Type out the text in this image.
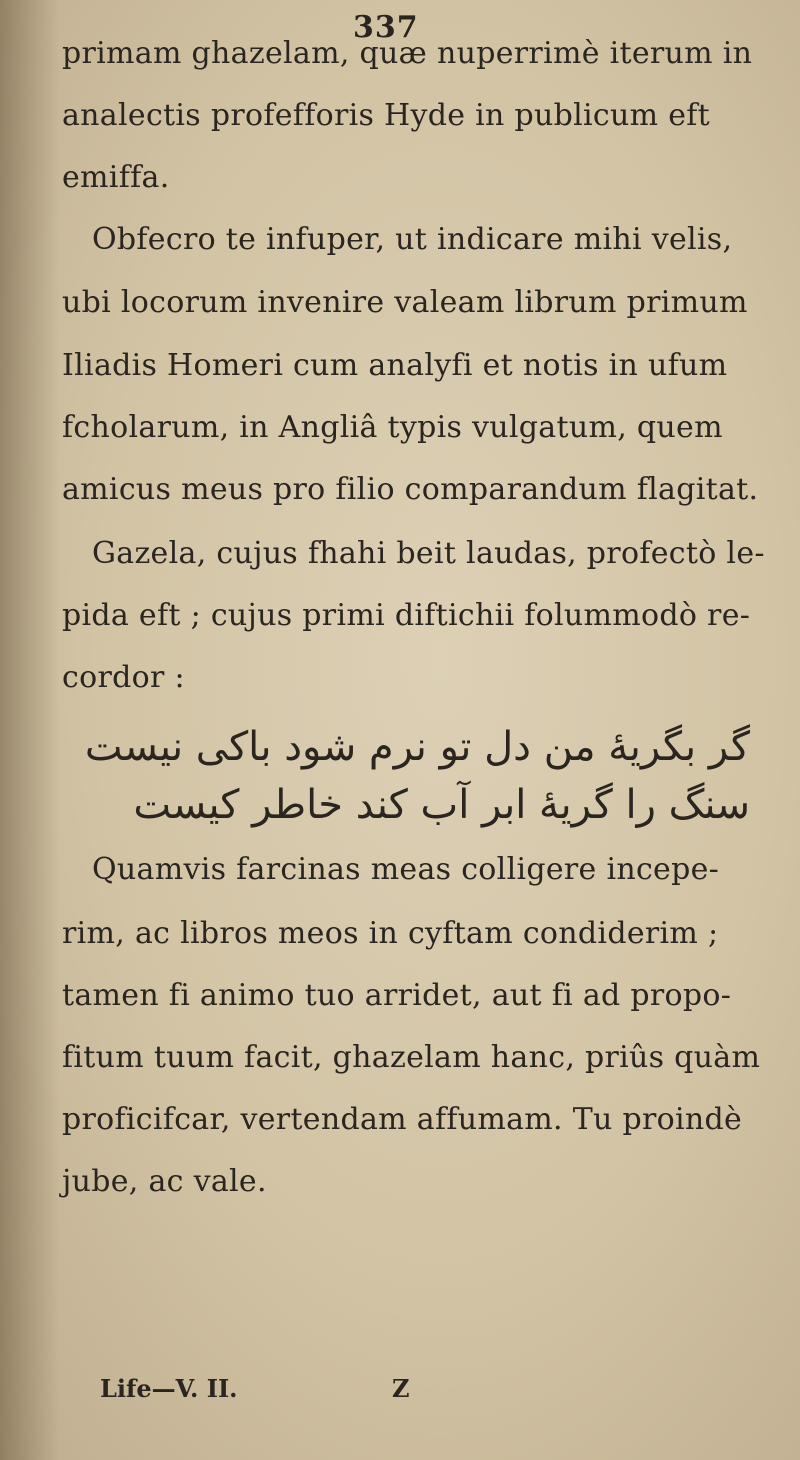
337
primam ghazelam, quæ nuperrimè iterum in
analectis profefforis Hyde in publicum eft
emiffa.
Obfecro te infuper, ut indicare mihi velis,
ubi locorum invenire valeam librum primum
Iliadis Homeri cum analyfi et notis in ufum
fcholarum, in Angliâ typis vulgatum, quem
amicus meus pro filio comparandum flagitat.
Gazela, cujus fhahi beit laudas, profectò le-
pida eft ; cujus primi diftichii folummodò re-
cordor :
گر بگریهٔ من دل تو نرم شود باکی نیست
سنگ را گریهٔ ابر آب کند خاطر کیست
Quamvis farcinas meas colligere incepe-
rim, ac libros meos in cyftam condiderim ;
tamen fi animo tuo arridet, aut fi ad propo-
fitum tuum facit, ghazelam hanc, priûs quàm
proficifcar, vertendam affumam. Tu proindè
jube, ac vale.
Life—V. II.	Z
